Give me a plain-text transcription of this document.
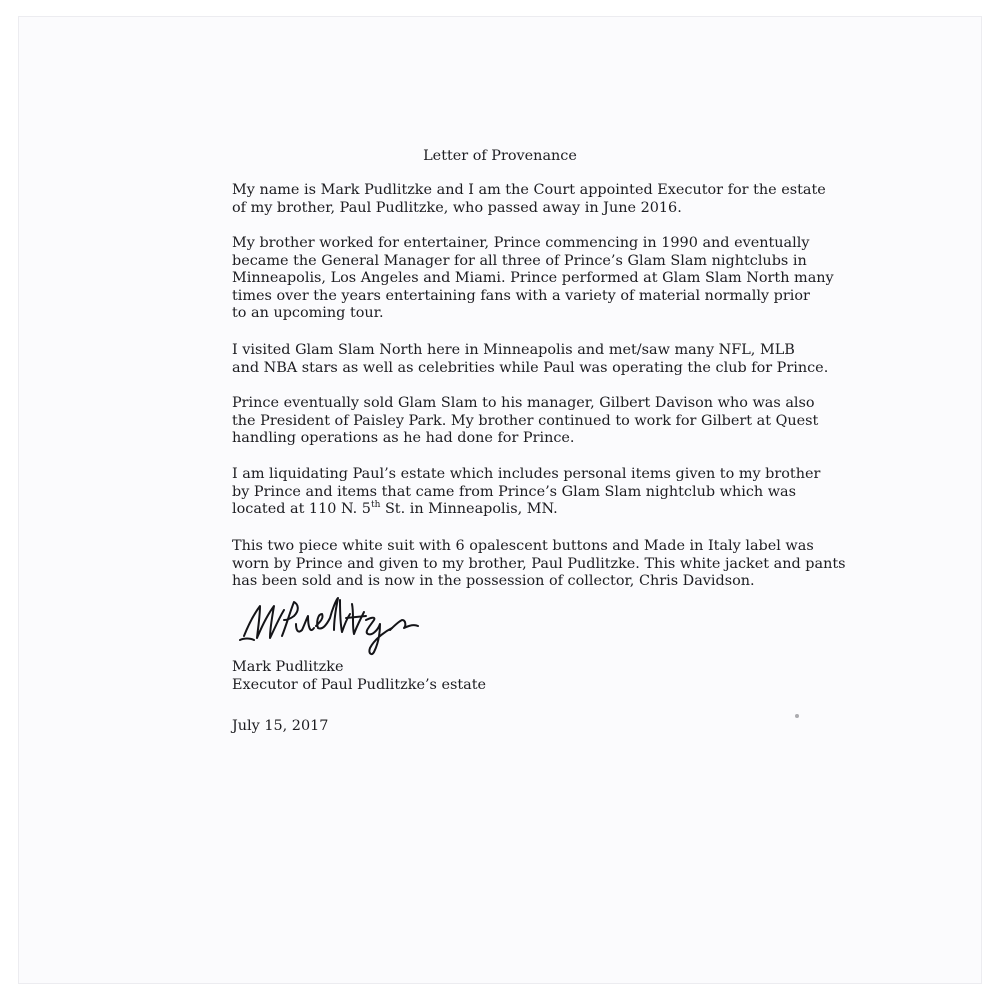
Letter of Provenance

My name is Mark Pudlitzke and I am the Court appointed Executor for the estate
of my brother, Paul Pudlitzke, who passed away in June 2016.

My brother worked for entertainer, Prince commencing in 1990 and eventually
became the General Manager for all three of Prince’s Glam Slam nightclubs in
Minneapolis, Los Angeles and Miami. Prince performed at Glam Slam North many
times over the years entertaining fans with a variety of material normally prior
to an upcoming tour.

I visited Glam Slam North here in Minneapolis and met/saw many NFL, MLB
and NBA stars as well as celebrities while Paul was operating the club for Prince.

Prince eventually sold Glam Slam to his manager, Gilbert Davison who was also
the President of Paisley Park. My brother continued to work for Gilbert at Quest
handling operations as he had done for Prince.

I am liquidating Paul’s estate which includes personal items given to my brother
by Prince and items that came from Prince’s Glam Slam nightclub which was
located at 110 N. 5th St. in Minneapolis, MN.

This two piece white suit with 6 opalescent buttons and Made in Italy label was
worn by Prince and given to my brother, Paul Pudlitzke. This white jacket and pants
has been sold and is now in the possession of collector, Chris Davidson.

Mark Pudlitzke
Executor of Paul Pudlitzke’s estate

July 15, 2017
